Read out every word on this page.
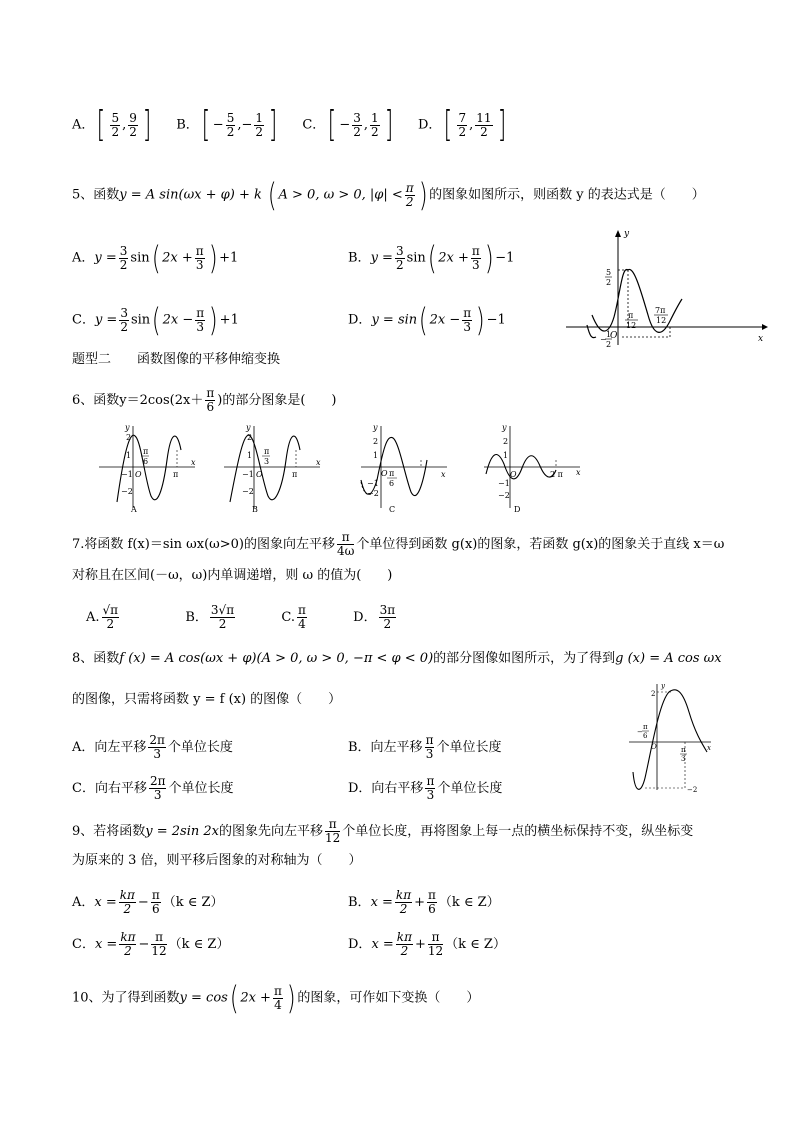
A．[ $\frac{5}{2}$ , $\frac{9}{2}$ ] B．[ − $\frac{5}{2}$ ,− $\frac{1}{2}$ ] C．[ − $\frac{3}{2}$ , $\frac{1}{2}$ ] D．[ $\frac{7}{2}$ , $\frac{11}{2}$ ]
5、函数y = A sin(ωx + φ) + k ( A > 0, ω > 0, $|\varphi| < \frac{\pi}{2}$ ) 的图象如图所示，则函数 y 的表达式是（　　）
A．$y = \frac{3}{2} \sin$( $2x + \frac{\pi}{3}$ ) +1	B．$y = \frac{3}{2} \sin$( $2x + \frac{\pi}{3}$ ) −1
C．$y = \frac{3}{2} \sin$( $2x - \frac{\pi}{3}$ ) +1	D．y = sin( $2x - \frac{\pi}{3}$ ) −1
y
x
O
5
2
−
1
2
π
12
7π
12
题型二　　函数图像的平移伸缩变换
6、函数$y=2\cos(2x+ \frac{\pi}{6}$ )的部分图象是(　　)
y
x
2
1
−1
−2
O
π
6
π
A
y
x
2
1
−1
−2
O
π
3
π
B
y
x
2
1
−1
−2
O π
6
C
y
x
2
1
−1
−2
O	2 π
D
7.将函数 f(x)＝sin ωx(ω>0)的图象向左平移 $\frac{\pi}{4\omega}$ 个单位得到函数 g(x)的图象，若函数 g(x)的图象关于直线 x＝ω
对称且在区间(－ω，ω)内单调递增，则 ω 的值为(　　)
A. $\frac{√\pi}{2}$	B． $\frac{3√\pi}{2}$	C. $\frac{\pi}{4}$	D． $\frac{3\pi}{2}$
8、函数f (x) = A cos(ωx + φ)(A > 0, ω > 0, −π < φ < 0)的部分图像如图所示，为了得到g (x) = A cos ωx
的图像，只需将函数 y = f (x) 的图像（　　）
A．向左平移 $\frac{2\pi}{3}$ 个单位长度	B．向左平移 $\frac{\pi}{3}$ 个单位长度
C．向右平移 $\frac{2\pi}{3}$ 个单位长度	D．向右平移 $\frac{\pi}{3}$ 个单位长度
y
x
O
2
−2
−
π
6
π
3
9、若将函数y = 2sin 2x的图象先向左平移 $\frac{\pi}{12}$ 个单位长度，再将图象上每一点的横坐标保持不变，纵坐标变
为原来的 3 倍，则平移后图象的对称轴为（　　）
A．$x = \frac{k\pi}{2} - \frac{\pi}{6} (k$ ∈ Z）	B．$x = \frac{k\pi}{2} + \frac{\pi}{6} (k$ ∈ Z）
C．$x = \frac{k\pi}{2} - \frac{\pi}{12} (k$ ∈ Z）	D．$x = \frac{k\pi}{2} + \frac{\pi}{12} (k$ ∈ Z）
10、为了得到函数y = cos( $2x + \frac{\pi}{4}$ ) 的图象，可作如下变换（　　）
